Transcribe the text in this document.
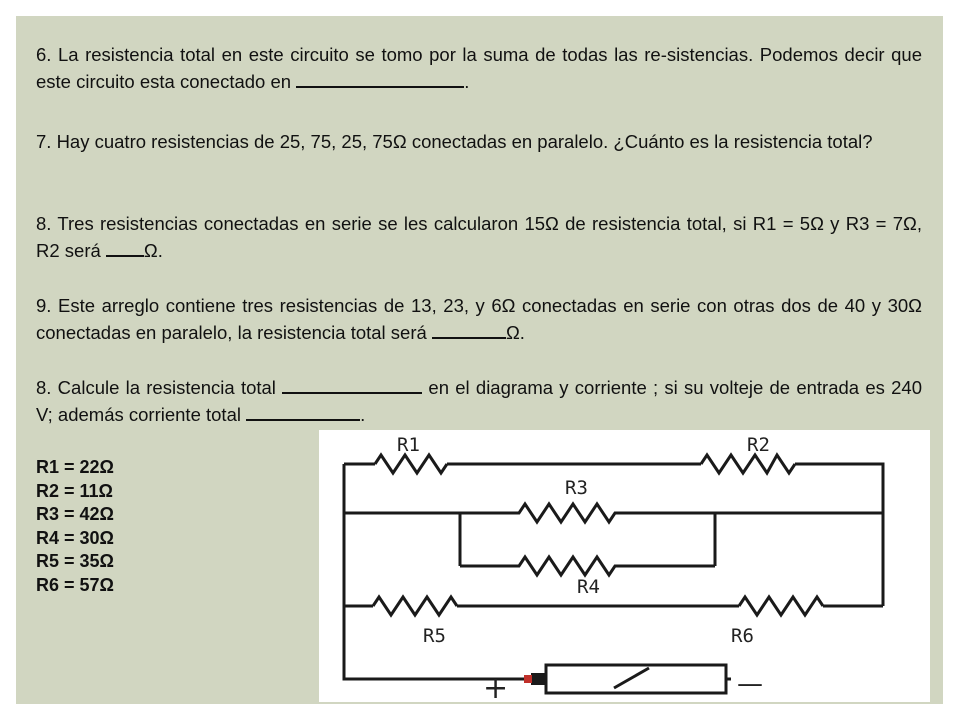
6. La resistencia total en este circuito se tomo por la suma de todas las re-sistencias. Podemos decir que este circuito esta conectado en	.

7. Hay cuatro resistencias de 25, 75, 25, 75Ω conectadas en paralelo. ¿Cuánto es la resistencia total?

8. Tres resistencias conectadas en serie se les calcularon 15Ω de resistencia total, si R1 = 5Ω y R3 = 7Ω, R2 será Ω.

9. Este arreglo contiene tres resistencias de 13, 23, y 6Ω conectadas en serie con otras dos de 40 y 30Ω conectadas en paralelo, la resistencia total será	Ω.

8. Calcule la resistencia total	en el diagrama y corriente ; si su volteje de entrada es 240 V; además corriente total	.

R1 = 22Ω
R2 = 11Ω
R3 = 42Ω
R4 = 30Ω
R5 = 35Ω
R6 = 57Ω
R1	R2
R3
R4
R5	R6
+	—
